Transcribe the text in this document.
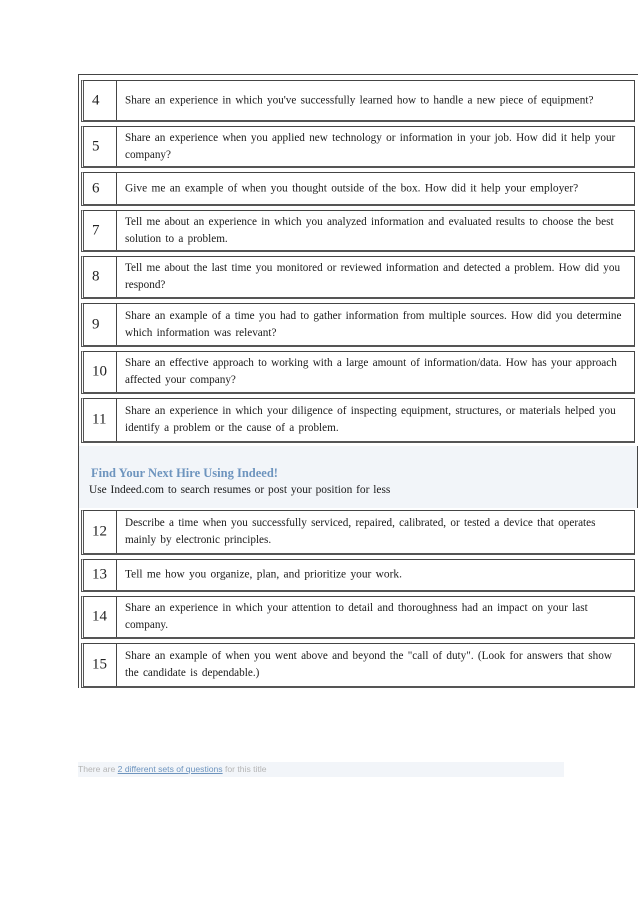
4 Share an experience in which you've successfully learned how to handle a new piece of equipment?
5
Share an experience when you applied new technology or information in your job. How did it help your company?
6 Give me an example of when you thought outside of the box. How did it help your employer?
7
Tell me about an experience in which you analyzed information and evaluated results to choose the best solution to a problem.
8
Tell me about the last time you monitored or reviewed information and detected a problem. How did you respond?
9
Share an example of a time you had to gather information from multiple sources. How did you determine which information was relevant?
10
Share an effective approach to working with a large amount of information/data. How has your approach affected your company?
11
Share an experience in which your diligence of inspecting equipment, structures, or materials helped you identify a problem or the cause of a problem.
Find Your Next Hire Using Indeed!
Use Indeed.com to search resumes or post your position for less
12
Describe a time when you successfully serviced, repaired, calibrated, or tested a device that operates mainly by electronic principles.
13 Tell me how you organize, plan, and prioritize your work.
14
Share an experience in which your attention to detail and thoroughness had an impact on your last company.
15
Share an example of when you went above and beyond the "call of duty". (Look for answers that show the candidate is dependable.)
There are 2 different sets of questions for this title
